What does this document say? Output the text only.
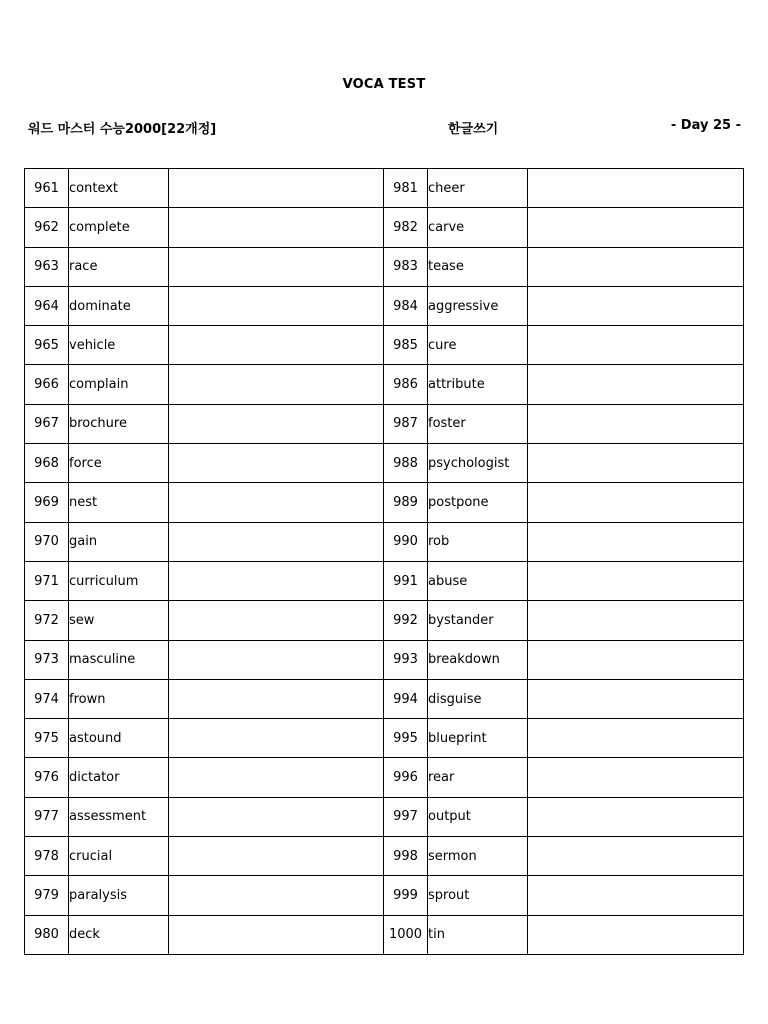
VOCA TEST
워드 마스터 수능2000[22개정]	한글쓰기	- Day 25 -
961	context		981	cheer	
962	complete		982	carve	
963	race		983	tease	
964	dominate		984	aggressive	
965	vehicle		985	cure	
966	complain		986	attribute	
967	brochure		987	foster	
968	force		988	psychologist	
969	nest		989	postpone	
970	gain		990	rob	
971	curriculum		991	abuse	
972	sew		992	bystander	
973	masculine		993	breakdown	
974	frown		994	disguise	
975	astound		995	blueprint	
976	dictator		996	rear	
977	assessment		997	output	
978	crucial		998	sermon	
979	paralysis		999	sprout	
980	deck		1000	tin	
